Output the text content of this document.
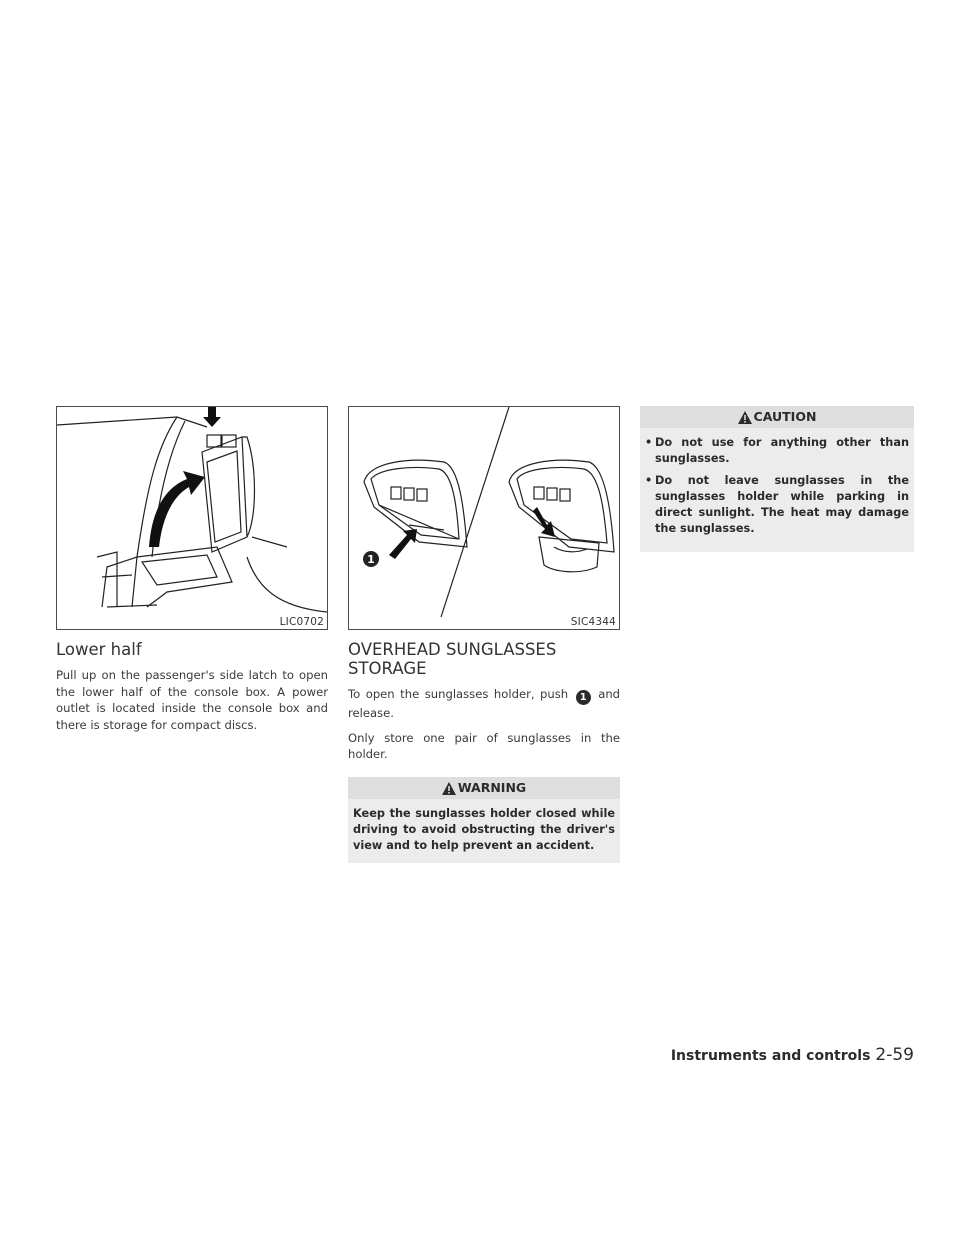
LIC0702
Lower half

Pull up on the passenger's side latch to open the lower half of the console box. A power outlet is located inside the console box and there is storage for compact discs.

1
SIC4344
OVERHEAD SUNGLASSES STORAGE

To open the sunglasses holder, push 1 and release.

Only store one pair of sunglasses in the holder.

WARNING
Keep the sunglasses holder closed while driving to avoid obstructing the driver's view and to help prevent an accident.
CAUTION
• Do not use for anything other than sunglasses.
• Do not leave sunglasses in the sunglasses holder while parking in direct sunlight. The heat may damage the sunglasses.
Instruments and controls 2-59
